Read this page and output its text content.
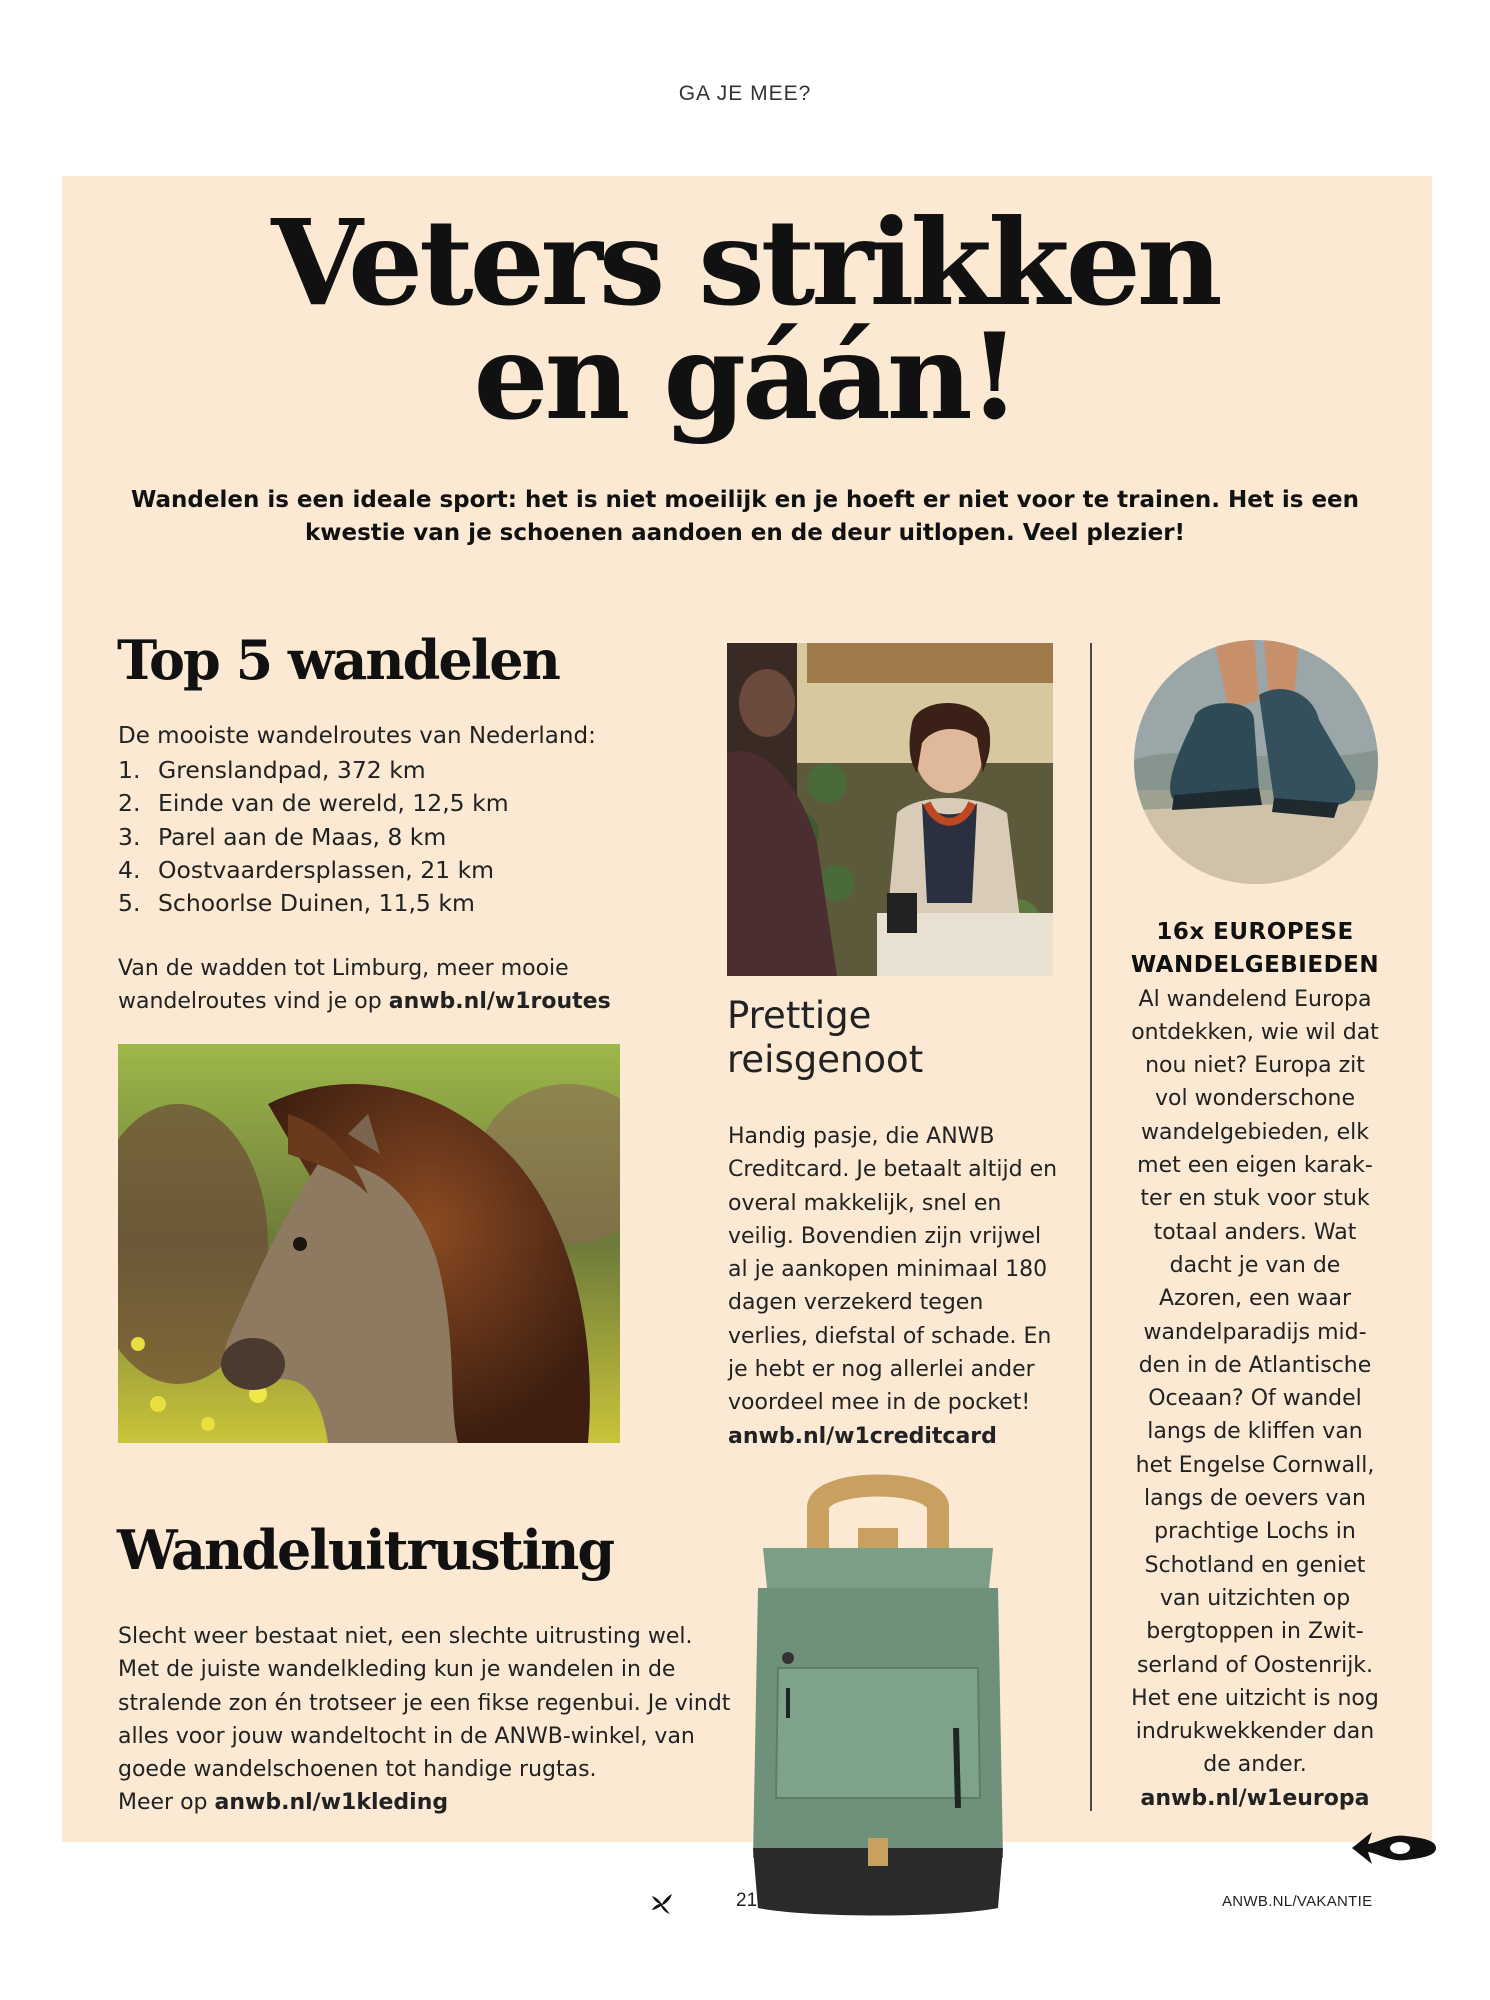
GA JE MEE?
Veters strikken
en gáán!

Wandelen is een ideale sport: het is niet moeilijk en je hoeft er niet voor te trainen. Het is een kwestie van je schoenen aandoen en de deur uitlopen. Veel plezier!

Top 5 wandelen
De mooiste wandelroutes van Nederland:
1. Grenslandpad, 372 km
2. Einde van de wereld, 12,5 km
3. Parel aan de Maas, 8 km
4. Oostvaardersplassen, 21 km
5. Schoorlse Duinen, 11,5 km
Van de wadden tot Limburg, meer mooie wandelroutes vind je op anwb.nl/w1routes
Wandeluitrusting
Slecht weer bestaat niet, een slechte uitrusting wel. Met de juiste wandelkleding kun je wandelen in de stralende zon én trotseer je een fikse regenbui. Je vindt alles voor jouw wandeltocht in de ANWB-winkel, van goede wandelschoenen tot handige rugtas.
Meer op anwb.nl/w1kleding
Prettige
reisgenoot
Handig pasje, die ANWB Creditcard. Je betaalt altijd en overal makkelijk, snel en veilig. Bovendien zijn vrijwel al je aankopen minimaal 180 dagen verzekerd tegen verlies, diefstal of schade. En je hebt er nog allerlei ander voordeel mee in de pocket!
anwb.nl/w1creditcard
16x EUROPESE
WANDELGEBIEDEN
Al wandelend Europa
ontdekken, wie wil dat
nou niet? Europa zit
vol wonderschone
wandelgebieden, elk
met een eigen karak-
ter en stuk voor stuk
totaal anders. Wat
dacht je van de
Azoren, een waar
wandelparadijs mid-
den in de Atlantische
Oceaan? Of wandel
langs de kliffen van
het Engelse Cornwall,
langs de oevers van
prachtige Lochs in
Schotland en geniet
van uitzichten op
bergtoppen in Zwit-
serland of Oostenrijk.
Het ene uitzicht is nog
indrukwekkender dan
de ander.
anwb.nl/w1europa
21	ANWB.NL/VAKANTIE
